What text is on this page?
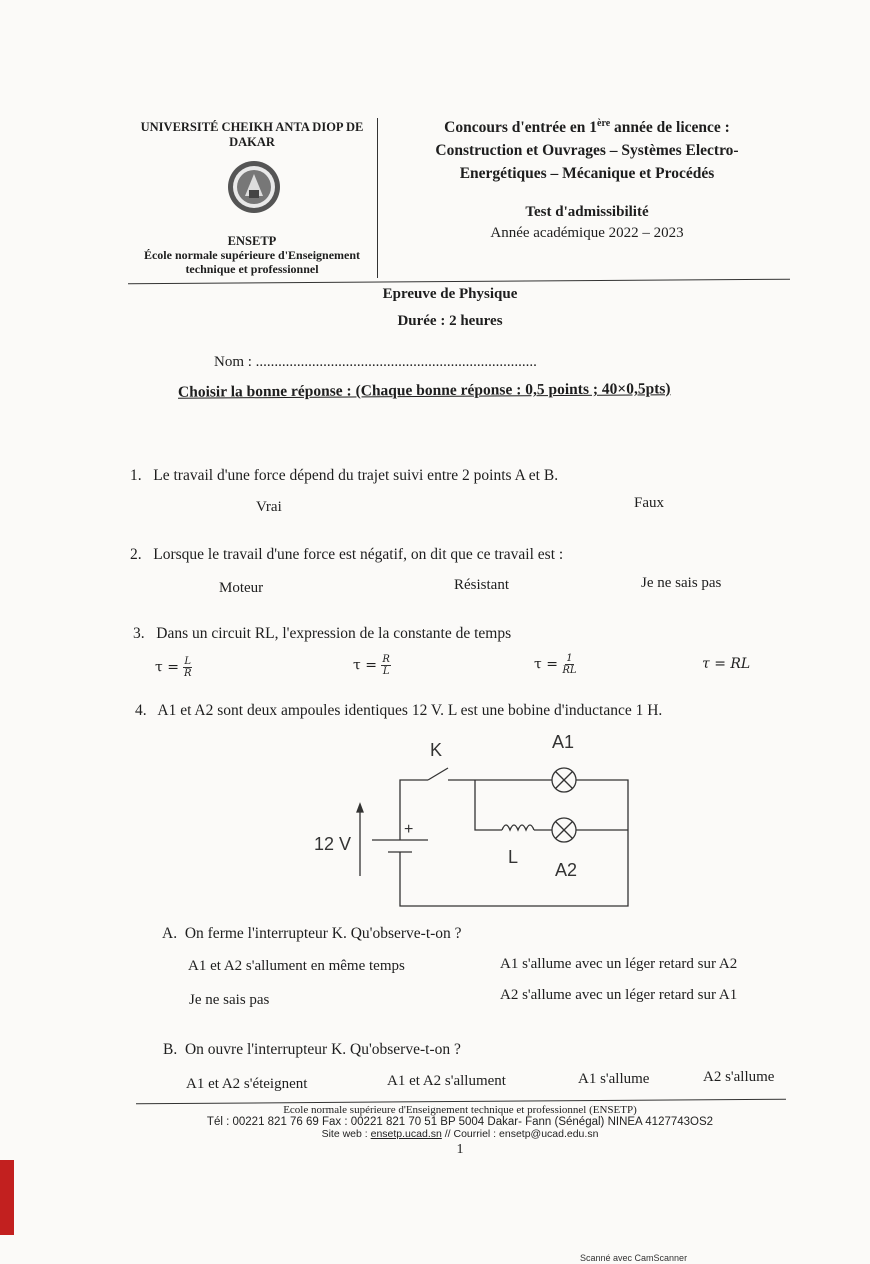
UNIVERSITÉ CHEIKH ANTA DIOP DE DAKAR
ENSETP
École normale supérieure d'Enseignement
technique et professionnel
Concours d'entrée en 1ère année de licence :
Construction et Ouvrages – Systèmes Electro-
Energétiques – Mécanique et Procédés
Test d'admissibilité
Année académique 2022 – 2023
Epreuve de Physique
Durée : 2 heures
Nom : ...........................................................................
Choisir la bonne réponse : (Chaque bonne réponse : 0,5 points ; 40×0,5pts)
1. Le travail d'une force dépend du trajet suivi entre 2 points A et B.
Vrai	Faux
2. Lorsque le travail d'une force est négatif, on dit que ce travail est :
Moteur	Résistant	Je ne sais pas
3. Dans un circuit RL, l'expression de la constante de temps
$\tau = \frac{L}{R}$	$\tau = \frac{R}{L}$	$\tau = \frac{1}{RL}$	τ = RL
4. A1 et A2 sont deux ampoules identiques 12 V. L est une bobine d'inductance 1 H.
K	A1
L
A2
12 V
+
A. On ferme l'interrupteur K. Qu'observe-t-on ?
A1 et A2 s'allument en même temps	A1 s'allume avec un léger retard sur A2
Je ne sais pas	A2 s'allume avec un léger retard sur A1
B. On ouvre l'interrupteur K. Qu'observe-t-on ?
A1 et A2 s'éteignent	A1 et A2 s'allument	A1 s'allume	A2 s'allume
Ecole normale supérieure d'Enseignement technique et professionnel (ENSETP)
Tél : 00221 821 76 69 Fax : 00221 821 70 51 BP 5004 Dakar- Fann (Sénégal) NINEA 4127743OS2
Site web : ensetp.ucad.sn // Courriel : ensetp@ucad.edu.sn
1
Scanné avec CamScanner
